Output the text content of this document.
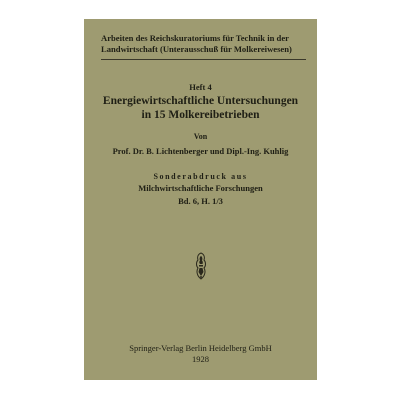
Arbeiten des Reichskuratoriums für Technik in der
Landwirtschaft (Unterausschuß für Molkereiwesen)
Heft 4
Energiewirtschaftliche Untersuchungen
in 15 Molkereibetrieben
Von
Prof. Dr. B. Lichtenberger und Dipl.-Ing. Kuhlig
Sonderabdruck aus
Milchwirtschaftliche Forschungen
Bd. 6, H. 1/3
Springer-Verlag Berlin Heidelberg GmbH
1928
